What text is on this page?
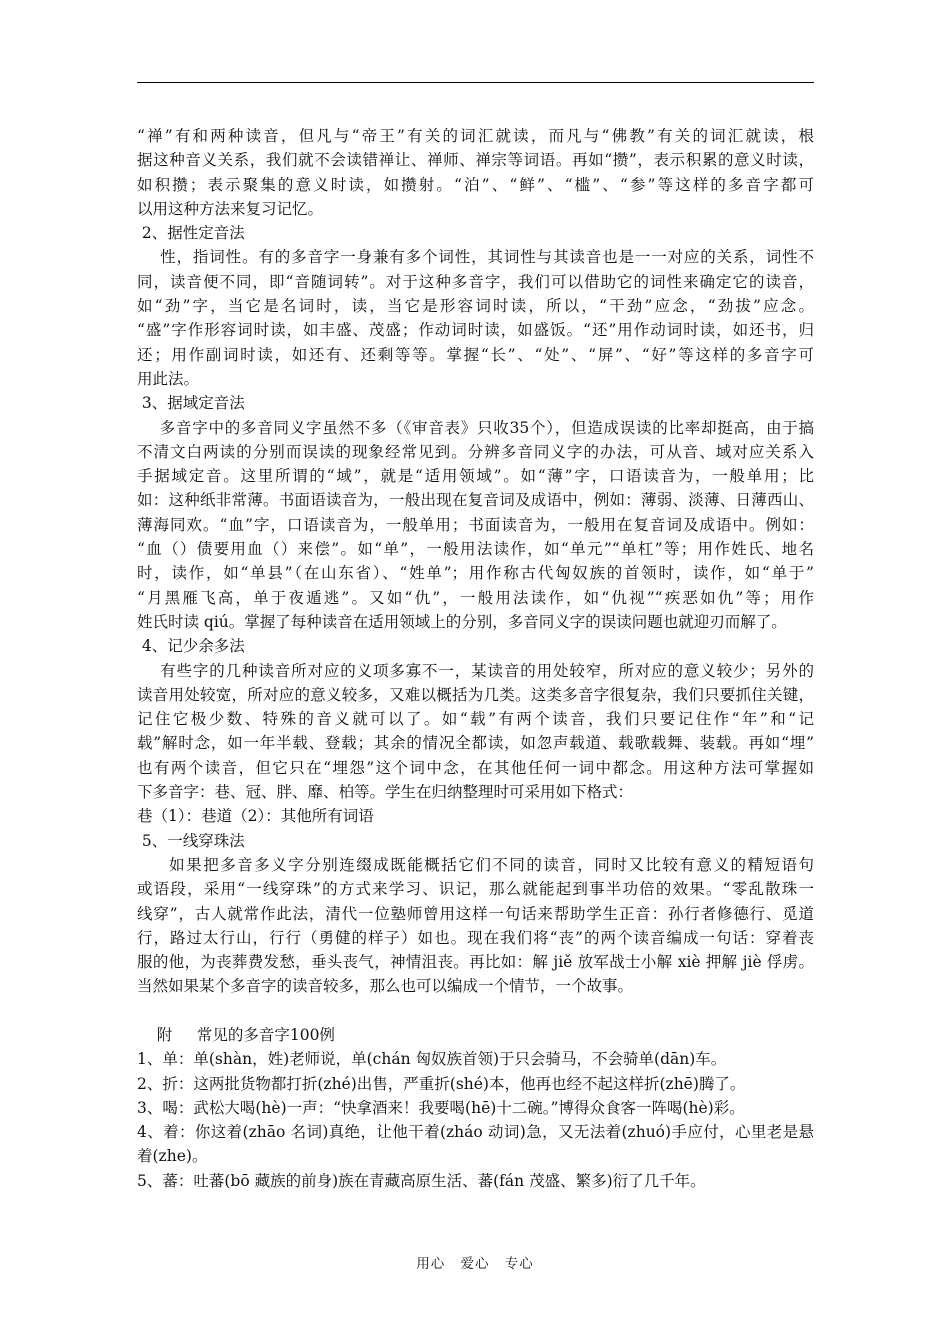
“禅”有和两种读音，但凡与“帝王”有关的词汇就读，而凡与“佛教”有关的词汇就读，根
据这种音义关系，我们就不会读错禅让、禅师、禅宗等词语。再如“攒”，表示积累的意义时读，
如积攒；表示聚集的意义时读，如攒射。“泊”、“鲜”、“槛”、“参”等这样的多音字都可
以用这种方法来复习记忆。
2、据性定音法
性，指词性。有的多音字一身兼有多个词性，其词性与其读音也是一一对应的关系，词性不
同，读音便不同，即“音随词转”。对于这种多音字，我们可以借助它的词性来确定它的读音，
如“劲”字，当它是名词时，读，当它是形容词时读，所以，“干劲”应念，“劲拔”应念。
“盛”字作形容词时读，如丰盛、茂盛；作动词时读，如盛饭。“还”用作动词时读，如还书，归
还；用作副词时读，如还有、还剩等等。掌握“长”、“处”、“屏”、“好”等这样的多音字可
用此法。
3、据域定音法
多音字中的多音同义字虽然不多（《审音表》只收35个），但造成误读的比率却挺高，由于搞
不清文白两读的分别而误读的现象经常见到。分辨多音同义字的办法，可从音、域对应关系入
手据域定音。这里所谓的“域”，就是“适用领域”。如“薄”字，口语读音为，一般单用；比
如：这种纸非常薄。书面语读音为，一般出现在复音词及成语中，例如：薄弱、淡薄、日薄西山、
薄海同欢。“血”字，口语读音为，一般单用；书面读音为，一般用在复音词及成语中。例如：
“血（）债要用血（）来偿”。如“单”，一般用法读作，如“单元”“单杠”等；用作姓氏、地名
时，读作，如“单县”（在山东省）、“姓单”；用作称古代匈奴族的首领时，读作，如“单于”
“月黑雁飞高，单于夜遁逃”。又如“仇”，一般用法读作，如“仇视”“疾恶如仇”等；用作
姓氏时读 qiú。掌握了每种读音在适用领域上的分别，多音同义字的误读问题也就迎刃而解了。
4、记少余多法
有些字的几种读音所对应的义项多寡不一，某读音的用处较窄，所对应的意义较少；另外的
读音用处较宽，所对应的意义较多，又难以概括为几类。这类多音字很复杂，我们只要抓住关键，
记住它极少数、特殊的音义就可以了。如“载”有两个读音，我们只要记住作“年”和“记
载”解时念，如一年半载、登载；其余的情况全都读，如忽声载道、载歌载舞、装载。再如“埋”
也有两个读音，但它只在“埋怨”这个词中念，在其他任何一词中都念。用这种方法可掌握如
下多音字：巷、冠、胖、靡、柏等。学生在归纳整理时可采用如下格式：
巷（1）：巷道（2）：其他所有词语
5、一线穿珠法
如果把多音多义字分别连缀成既能概括它们不同的读音，同时又比较有意义的精短语句
或语段，采用“一线穿珠”的方式来学习、识记，那么就能起到事半功倍的效果。“零乱散珠一
线穿”，古人就常作此法，清代一位塾师曾用这样一句话来帮助学生正音：孙行者修德行、觅道
行，路过太行山，行行（勇健的样子）如也。现在我们将“丧”的两个读音编成一句话：穿着丧
服的他，为丧葬费发愁，垂头丧气，神情沮丧。再比如：解 jiě 放军战士小解 xiè 押解 jiè 俘虏。
当然如果某个多音字的读音较多，那么也可以编成一个情节，一个故事。
附     常见的多音字100例
1、单：单(shàn，姓)老师说，单(chán 匈奴族首领)于只会骑马，不会骑单(dān)车。
2、折：这两批货物都打折(zhé)出售，严重折(shé)本，他再也经不起这样折(zhē)腾了。
3、喝：武松大喝(hè)一声：“快拿酒来！我要喝(hē)十二碗。”博得众食客一阵喝(hè)彩。
4、着：你这着(zhāo 名词)真绝，让他干着(zháo 动词)急，又无法着(zhuó)手应付，心里老是悬
着(zhe)。
5、蕃：吐蕃(bō 藏族的前身)族在青藏高原生活、蕃(fán 茂盛、繁多)衍了几千年。
用心 爱心 专心
